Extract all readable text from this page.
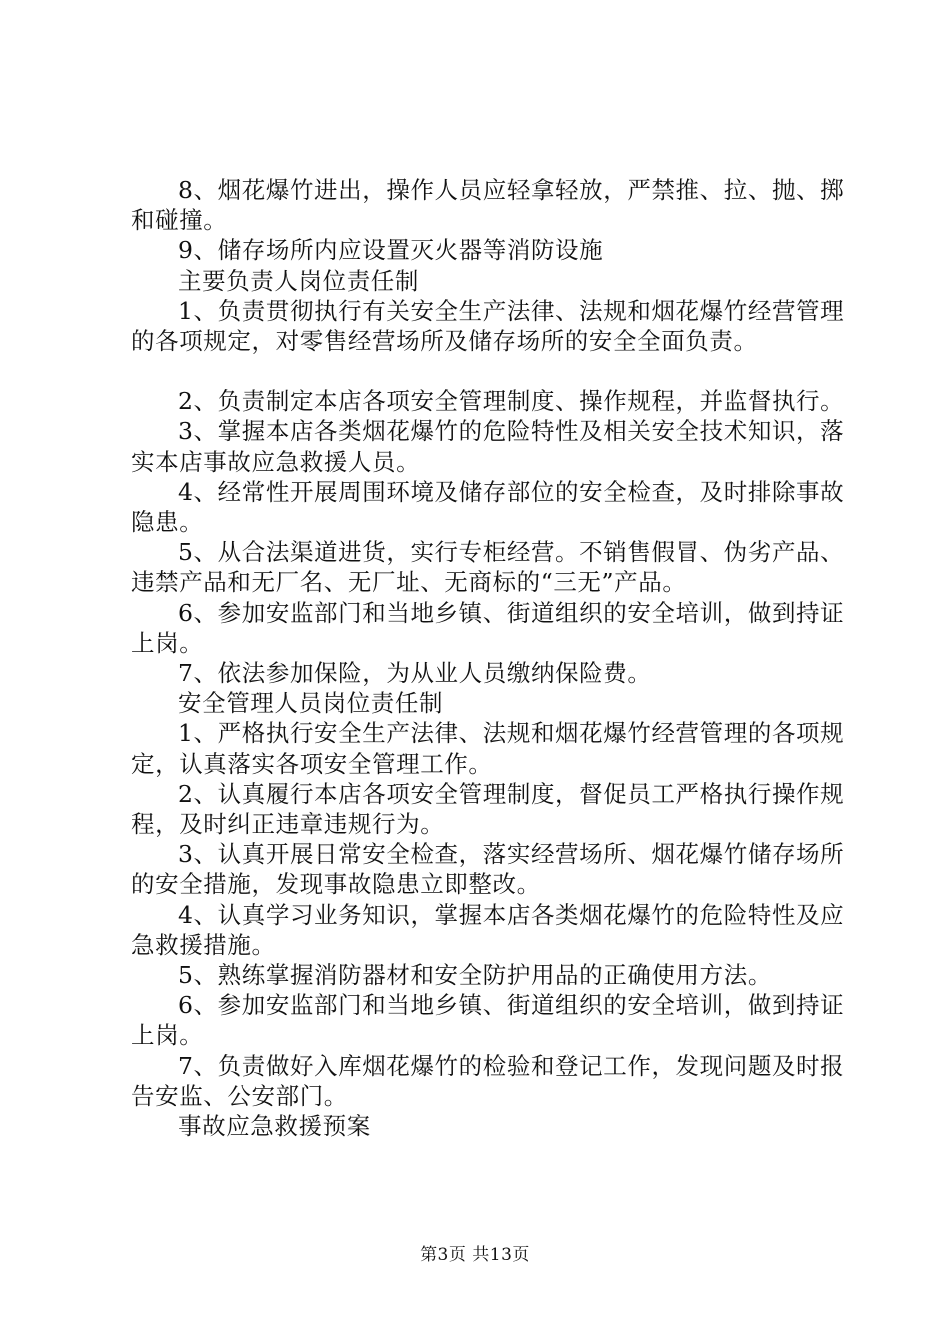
8、烟花爆竹进出，操作人员应轻拿轻放，严禁推、拉、抛、掷和碰撞。

9、储存场所内应设置灭火器等消防设施

主要负责人岗位责任制

1、负责贯彻执行有关安全生产法律、法规和烟花爆竹经营管理的各项规定，对零售经营场所及储存场所的安全全面负责。

2、负责制定本店各项安全管理制度、操作规程，并监督执行。

3、掌握本店各类烟花爆竹的危险特性及相关安全技术知识，落实本店事故应急救援人员。

4、经常性开展周围环境及储存部位的安全检查，及时排除事故隐患。

5、从合法渠道进货，实行专柜经营。不销售假冒、伪劣产品、违禁产品和无厂名、无厂址、无商标的“三无”产品。

6、参加安监部门和当地乡镇、街道组织的安全培训，做到持证上岗。

7、依法参加保险，为从业人员缴纳保险费。

安全管理人员岗位责任制

1、严格执行安全生产法律、法规和烟花爆竹经营管理的各项规定，认真落实各项安全管理工作。

2、认真履行本店各项安全管理制度，督促员工严格执行操作规程，及时纠正违章违规行为。

3、认真开展日常安全检查，落实经营场所、烟花爆竹储存场所的安全措施，发现事故隐患立即整改。

4、认真学习业务知识，掌握本店各类烟花爆竹的危险特性及应急救援措施。

5、熟练掌握消防器材和安全防护用品的正确使用方法。

6、参加安监部门和当地乡镇、街道组织的安全培训，做到持证上岗。

7、负责做好入库烟花爆竹的检验和登记工作，发现问题及时报告安监、公安部门。

事故应急救援预案

第3页 共13页
